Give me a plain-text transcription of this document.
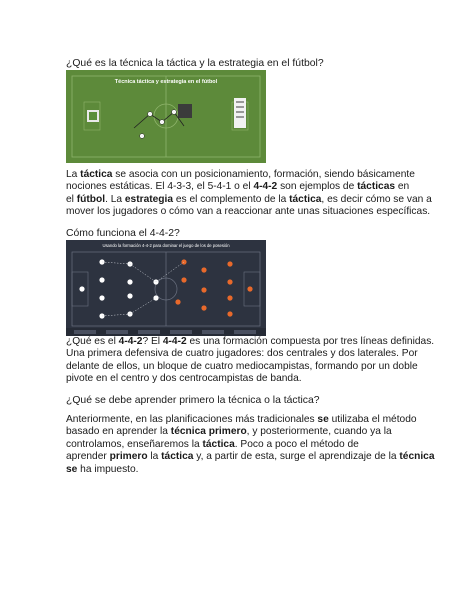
¿Qué es la técnica la táctica y la estrategia en el fútbol?
Técnica táctica y estrategia en el fútbol
La táctica se asocia con un posicionamiento, formación, siendo básicamente
nociones estáticas. El 4-3-3, el 5-4-1 o el 4-4-2 son ejemplos de tácticas en
el fútbol. La estrategia es el complemento de la táctica, es decir cómo se van a
mover los jugadores o cómo van a reaccionar ante unas situaciones específicas.
Cómo funciona el 4-4-2?
Usando la formación 4-4-2 para dominar el juego de los de posesión
¿Qué es el 4-4-2? El 4-4-2 es una formación compuesta por tres líneas definidas.
Una primera defensiva de cuatro jugadores: dos centrales y dos laterales. Por
delante de ellos, un bloque de cuatro mediocampistas, formando por un doble
pivote en el centro y dos centrocampistas de banda.
¿Qué se debe aprender primero la técnica o la táctica?
Anteriormente, en las planificaciones más tradicionales se utilizaba el método
basado en aprender la técnica primero, y posteriormente, cuando ya la
controlamos, enseñaremos la táctica. Poco a poco el método de
aprender primero la táctica y, a partir de esta, surge el aprendizaje de la técnica
se ha impuesto.
